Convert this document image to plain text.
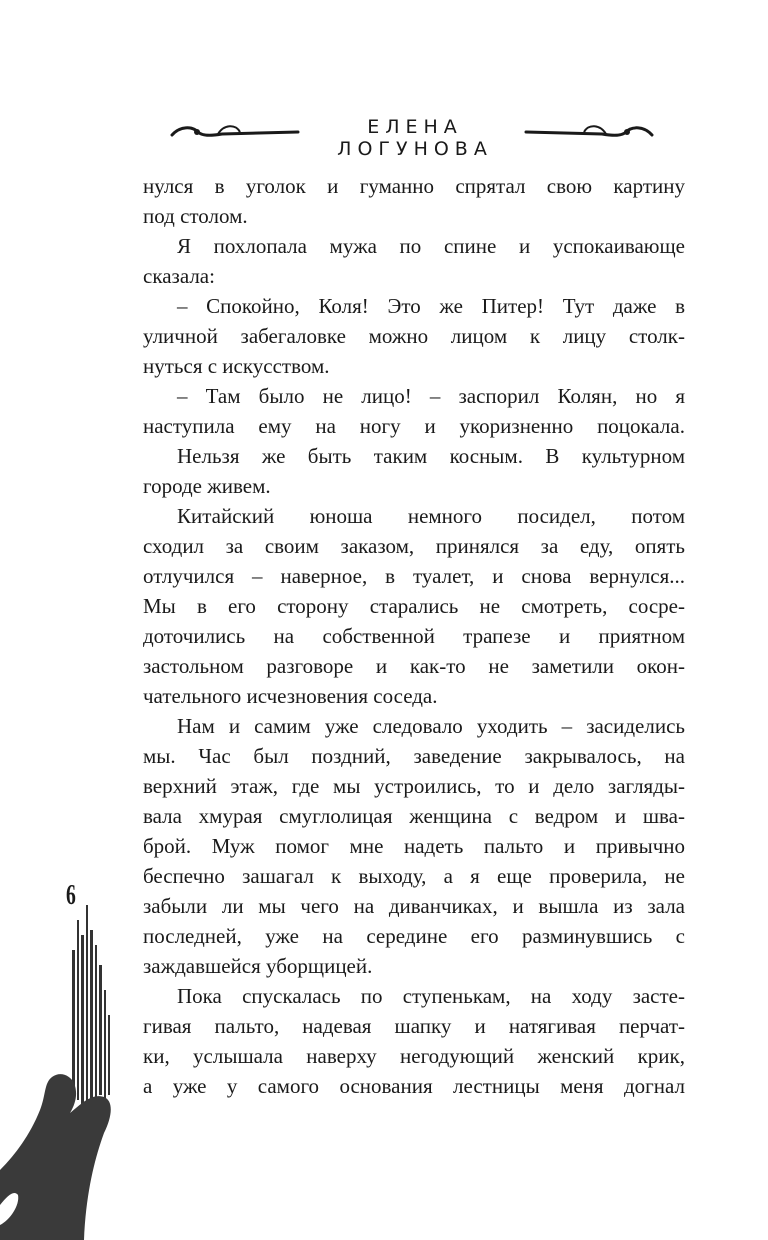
ЕЛЕНА ЛОГУНОВА
нулся в уголок и гуманно спрятал свою картину
под столом.
Я похлопала мужа по спине и успокаивающе
сказала:
– Спокойно, Коля! Это же Питер! Тут даже в
уличной забегаловке можно лицом к лицу столк-
нуться с искусством.
– Там было не лицо! – заспорил Колян, но я
наступила ему на ногу и укоризненно поцокала.
Нельзя же быть таким косным. В культурном
городе живем.
Китайский юноша немного посидел, потом
сходил за своим заказом, принялся за еду, опять
отлучился – наверное, в туалет, и снова вернулся...
Мы в его сторону старались не смотреть, сосре-
доточились на собственной трапезе и приятном
застольном разговоре и как-то не заметили окон-
чательного исчезновения соседа.
Нам и самим уже следовало уходить – засиделись
мы. Час был поздний, заведение закрывалось, на
верхний этаж, где мы устроились, то и дело загляды-
вала хмурая смуглолицая женщина с ведром и шва-
брой. Муж помог мне надеть пальто и привычно
беспечно зашагал к выходу, а я еще проверила, не
забыли ли мы чего на диванчиках, и вышла из зала
последней, уже на середине его разминувшись с
заждавшейся уборщицей.
Пока спускалась по ступенькам, на ходу засте-
гивая пальто, надевая шапку и натягивая перчат-
ки, услышала наверху негодующий женский крик,
а уже у самого основания лестницы меня догнал
6
